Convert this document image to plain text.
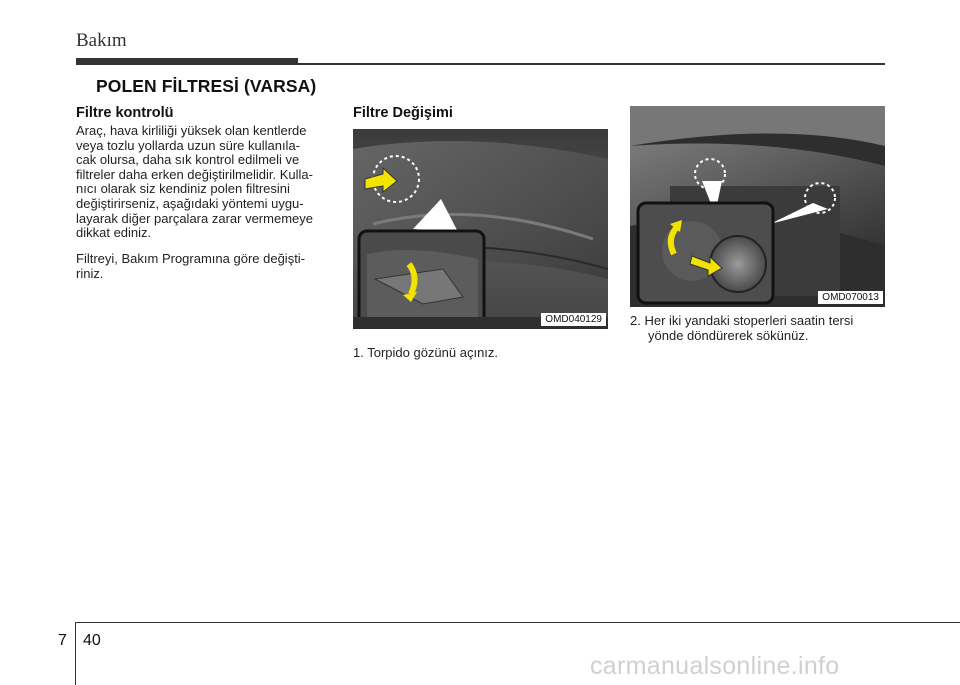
Bakım
POLEN FİLTRESİ (VARSA)
Filtre kontrolü
Araç, hava kirliliği yüksek olan kentlerde
veya tozlu yollarda uzun süre kullanıla-
cak olursa, daha sık kontrol edilmeli ve
filtreler daha erken değiştirilmelidir. Kulla-
nıcı olarak siz kendiniz polen filtresini
değiştirirseniz, aşağıdaki yöntemi uygu-
layarak diğer parçalara zarar vermemeye
dikkat ediniz.
Filtreyi, Bakım Programına göre değişti-
riniz.
Filtre Değişimi
OMD040129
1. Torpido gözünü açınız.
OMD070013
2. Her iki yandaki stoperleri saatin tersi
yönde döndürerek sökünüz.
7 40
carmanualsonline.info
